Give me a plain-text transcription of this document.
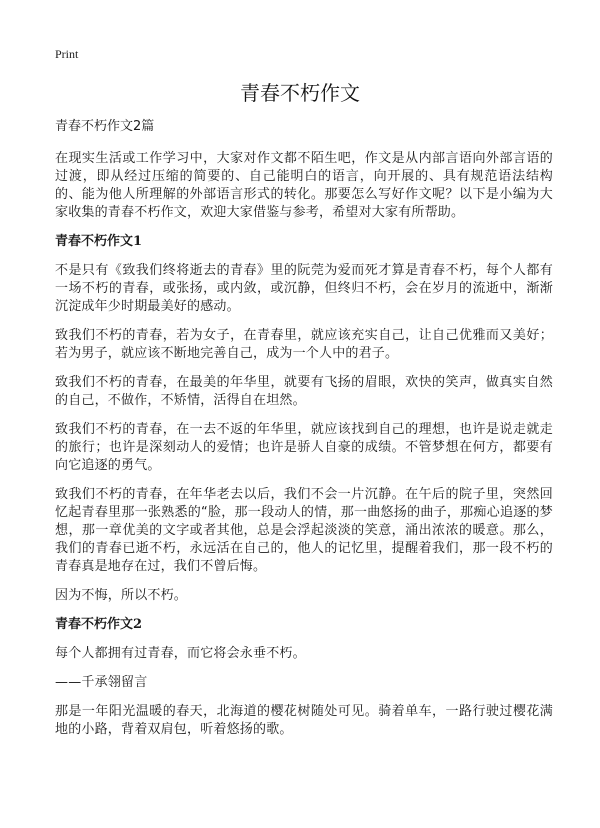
Print
青春不朽作文
青春不朽作文2篇

在现实生活或工作学习中，大家对作文都不陌生吧，作文是从内部言语向外部言语的过渡，即从经过压缩的简要的、自己能明白的语言，向开展的、具有规范语法结构的、能为他人所理解的外部语言形式的转化。那要怎么写好作文呢？以下是小编为大家收集的青春不朽作文，欢迎大家借鉴与参考，希望对大家有所帮助。

青春不朽作文1

不是只有《致我们终将逝去的青春》里的阮莞为爱而死才算是青春不朽，每个人都有一场不朽的青春，或张扬，或内敛，或沉静，但终归不朽，会在岁月的流逝中，渐渐沉淀成年少时期最美好的感动。

致我们不朽的青春，若为女子，在青春里，就应该充实自己，让自己优雅而又美好；若为男子，就应该不断地完善自己，成为一个人中的君子。

致我们不朽的青春，在最美的年华里，就要有飞扬的眉眼，欢快的笑声，做真实自然的自己，不做作，不矫情，活得自在坦然。

致我们不朽的青春，在一去不返的年华里，就应该找到自己的理想，也许是说走就走的旅行；也许是深刻动人的爱情；也许是骄人自豪的成绩。不管梦想在何方，都要有向它追逐的勇气。

致我们不朽的青春，在年华老去以后，我们不会一片沉静。在午后的院子里，突然回忆起青春里那一张熟悉的“脸，那一段动人的情，那一曲悠扬的曲子，那痴心追逐的梦想，那一章优美的文字或者其他，总是会浮起淡淡的笑意，涌出浓浓的暖意。那么，我们的青春已逝不朽，永远活在自己的，他人的记忆里，提醒着我们，那一段不朽的青春真是地存在过，我们不曾后悔。

因为不悔，所以不朽。

青春不朽作文2

每个人都拥有过青春，而它将会永垂不朽。

——千承翎留言

那是一年阳光温暖的春天，北海道的樱花树随处可见。骑着单车，一路行驶过樱花满地的小路，背着双肩包，听着悠扬的歌。
